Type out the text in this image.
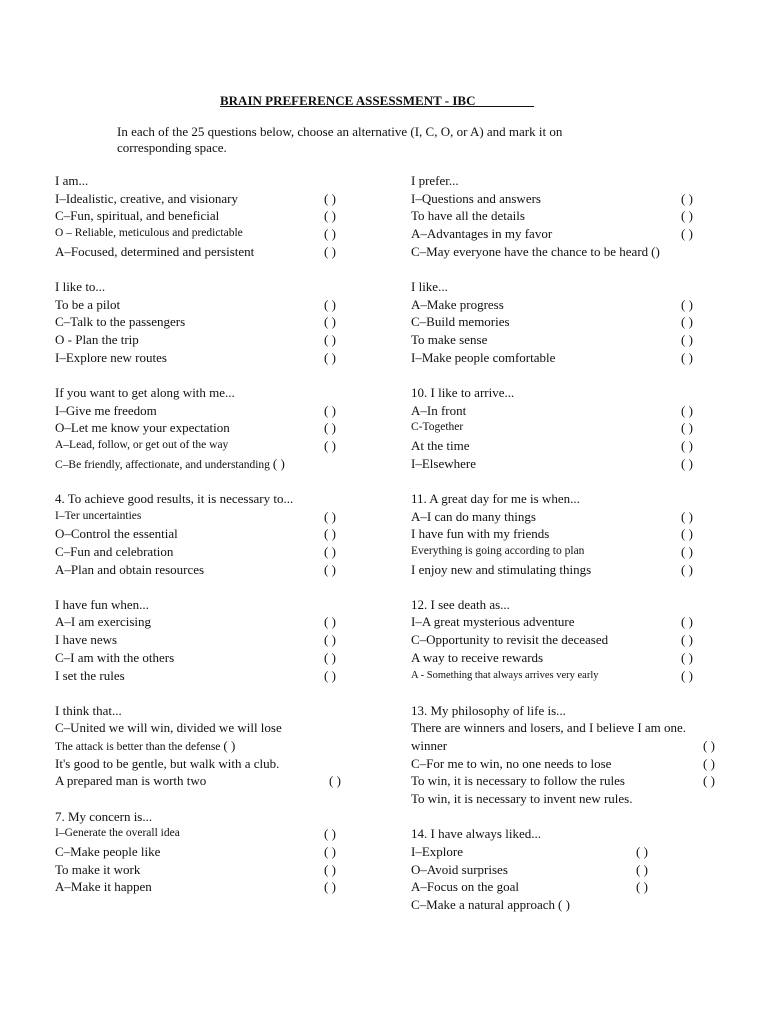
BRAIN PREFERENCE ASSESSMENT - IBC_________
In each of the 25 questions below, choose an alternative (I, C, O, or A) and mark it on corresponding space.
I am...
I–Idealistic, creative, and visionary	( )
C–Fun, spiritual, and beneficial	( )
O – Reliable, meticulous and predictable	( )
A–Focused, determined and persistent	( )
I like to...
To be a pilot	( )
C–Talk to the passengers	( )
O - Plan the trip	( )
I–Explore new routes	( )
If you want to get along with me...
I–Give me freedom	( )
O–Let me know your expectation	( )
A–Lead, follow, or get out of the way	( )
C–Be friendly, affectionate, and understanding ( )
4. To achieve good results, it is necessary to...
I–Ter uncertainties	( )
O–Control the essential	( )
C–Fun and celebration	( )
A–Plan and obtain resources	( )
I have fun when...
A–I am exercising	( )
I have news	( )
C–I am with the others	( )
I set the rules	( )
I think that...
C–United we will win, divided we will lose
The attack is better than the defense ( )
It's good to be gentle, but walk with a club.
A prepared man is worth two	( )
7. My concern is...
I–Generate the overall idea	( )
C–Make people like	( )
To make it work	( )
A–Make it happen	( )
I prefer...
I–Questions and answers	( )
To have all the details	( )
A–Advantages in my favor	( )
C–May everyone have the chance to be heard ()
I like...
A–Make progress	( )
C–Build memories	( )
To make sense	( )
I–Make people comfortable	( )
10. I like to arrive...
A–In front	( )
C-Together	( )
At the time	( )
I–Elsewhere	( )
11. A great day for me is when...
A–I can do many things	( )
I have fun with my friends	( )
Everything is going according to plan	( )
I enjoy new and stimulating things	( )
12. I see death as...
I–A great mysterious adventure	( )
C–Opportunity to revisit the deceased	( )
A way to receive rewards	( )
A - Something that always arrives very early	( )
13. My philosophy of life is...
There are winners and losers, and I believe I am one.
winner	( )
C–For me to win, no one needs to lose	( )
To win, it is necessary to follow the rules	( )
To win, it is necessary to invent new rules.
14. I have always liked...
I–Explore	( )
O–Avoid surprises	( )
A–Focus on the goal	( )
C–Make a natural approach ( )
